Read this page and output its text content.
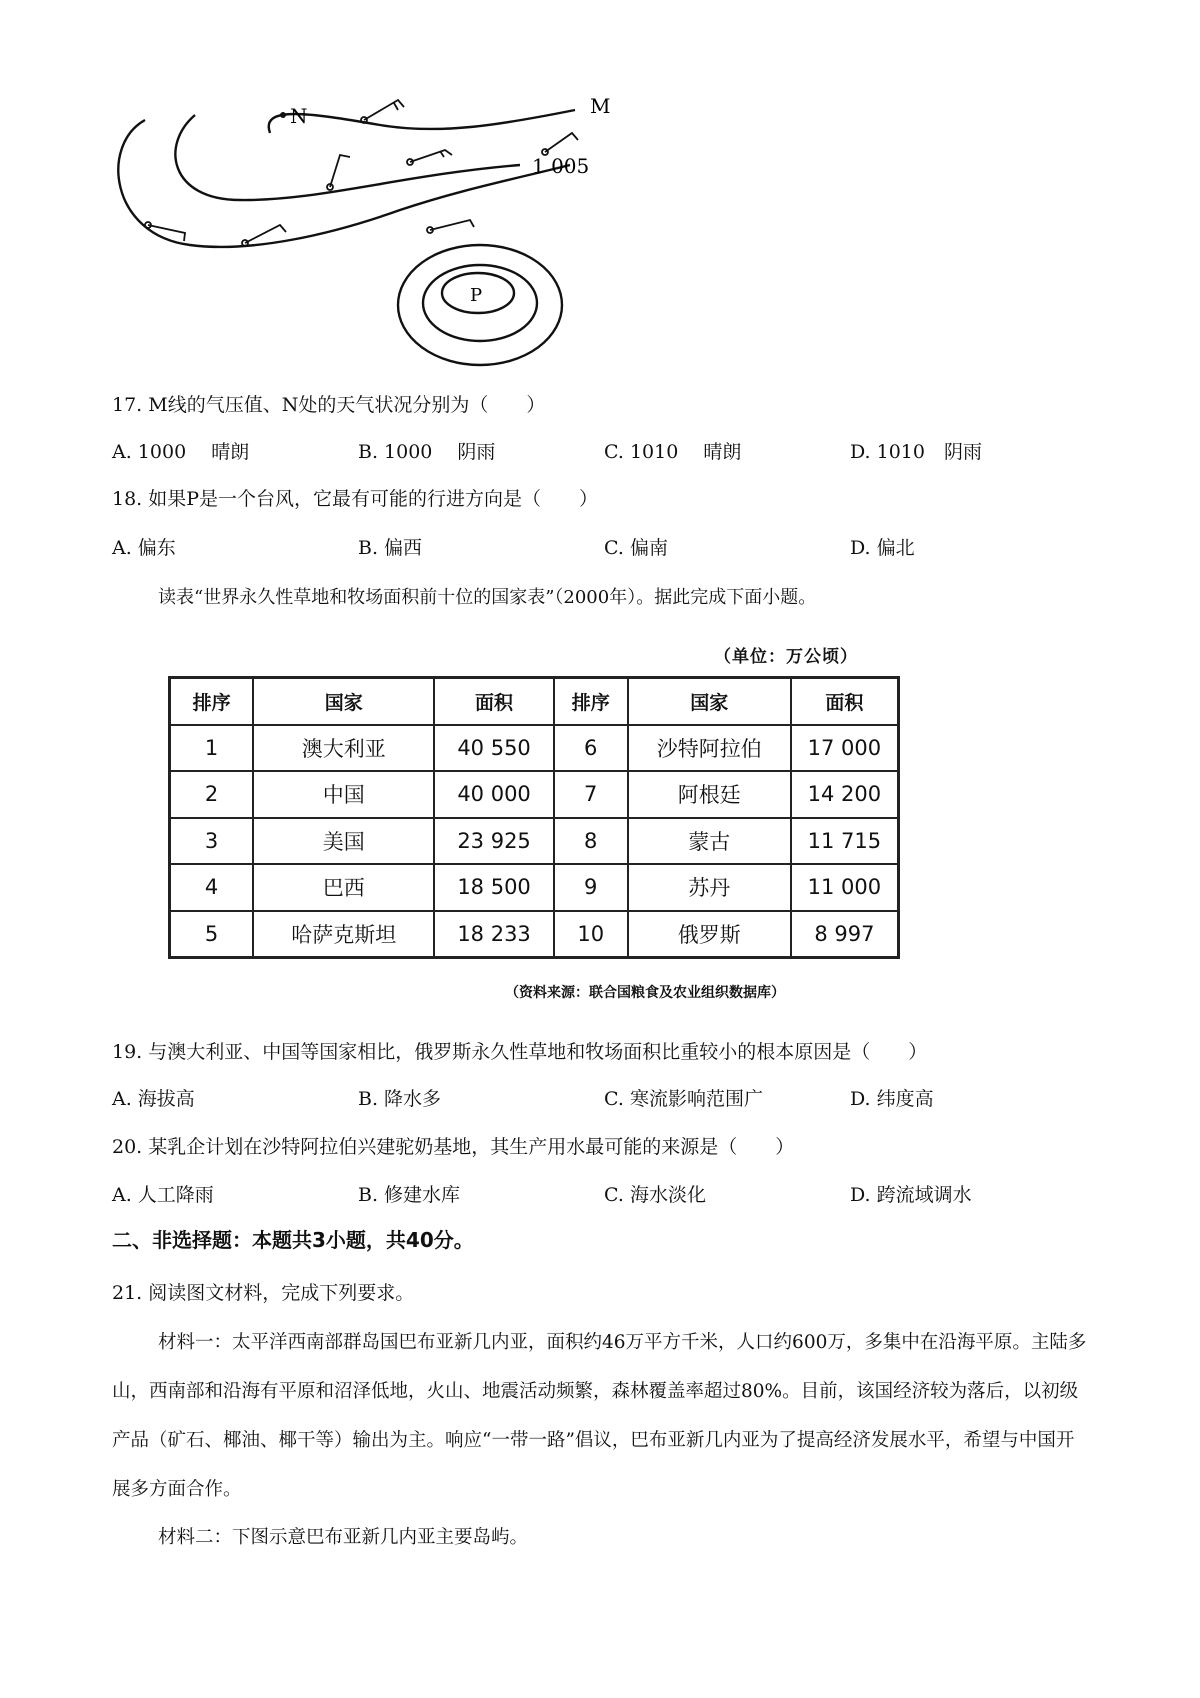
N	M
1 005
P
17. M线的气压值、N处的天气状况分别为（　　）
A. 1000　 晴朗	B. 1000　 阴雨	C. 1010　 晴朗	D. 1010　阴雨
18. 如果P是一个台风，它最有可能的行进方向是（　　）
A. 偏东	B. 偏西	C. 偏南	D. 偏北
读表“世界永久性草地和牧场面积前十位的国家表”（2000年）。据此完成下面小题。
（单位：万公顷）
排序	国家	面积	排序	国家	面积
1	澳大利亚	40 550	6	沙特阿拉伯	17 000
2	中国	40 000	7	阿根廷	14 200
3	美国	23 925	8	蒙古	11 715
4	巴西	18 500	9	苏丹	11 000
5	哈萨克斯坦	18 233	10	俄罗斯	8 997
（资料来源：联合国粮食及农业组织数据库）
19. 与澳大利亚、中国等国家相比，俄罗斯永久性草地和牧场面积比重较小的根本原因是（　　）
A. 海拔高	B. 降水多	C. 寒流影响范围广	D. 纬度高
20. 某乳企计划在沙特阿拉伯兴建驼奶基地，其生产用水最可能的来源是（　　）
A. 人工降雨	B. 修建水库	C. 海水淡化	D. 跨流域调水
二、非选择题：本题共3小题，共40分。
21. 阅读图文材料，完成下列要求。
材料一：太平洋西南部群岛国巴布亚新几内亚，面积约46万平方千米，人口约600万，多集中在沿海平原。主陆多山，西南部和沿海有平原和沼泽低地，火山、地震活动频繁，森林覆盖率超过80%。目前，该国经济较为落后，以初级产品（矿石、椰油、椰干等）输出为主。响应“一带一路”倡议，巴布亚新几内亚为了提高经济发展水平，希望与中国开展多方面合作。
材料二：下图示意巴布亚新几内亚主要岛屿。
